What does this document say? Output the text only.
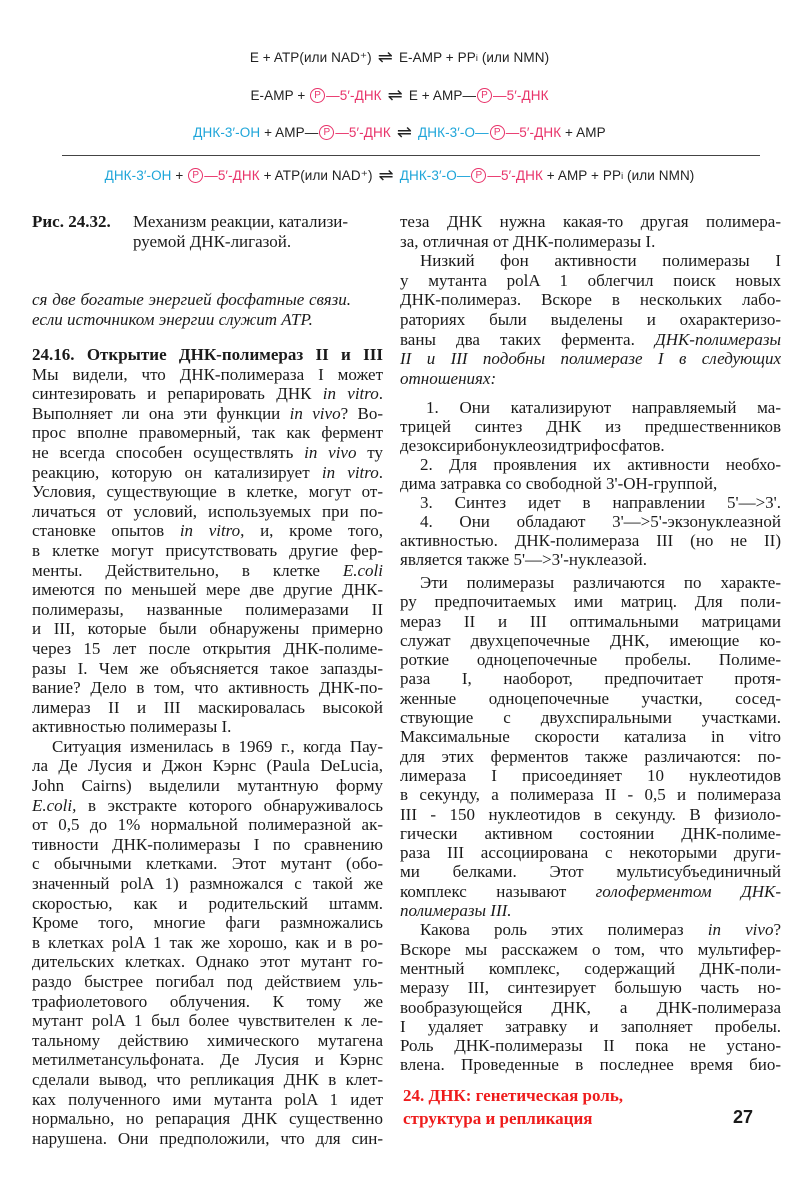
E + ATP(или NAD⁺) ⇌ E-AMP + PP i (или NMN)
E-AMP + P —5′-ДНК ⇌ E + AMP— P —5′-ДНК
ДНК-3′-OH + AMP— P —5′-ДНК ⇌ ДНК-3′-O— P —5′-ДНК + AMP
ДНК-3′-OH + P —5′-ДНК + ATP(или NAD⁺) ⇌ ДНК-3′-O— P —5′-ДНК + AMP + PP i (или NMN)
Рис. 24.32. Механизм реакции, катализи-
руемой ДНК-лигазой.
ся две богатые энергией фосфатные связи.
если источником энергии служит ATP.
24.16. Открытие ДНК-полимераз II и III
Мы видели, что ДНК-полимераза I может
синтезировать и репарировать ДНК in vitro.
Выполняет ли она эти функции in vivo? Во-
прос вполне правомерный, так как фермент
не всегда способен осуществлять in vivo ту
реакцию, которую он катализирует in vitro.
Условия, существующие в клетке, могут от-
личаться от условий, используемых при по-
становке опытов in vitro, и, кроме того,
в клетке могут присутствовать другие фер-
менты. Действительно, в клетке E.coli
имеются по меньшей мере две другие ДНК-
полимеразы, названные полимеразами II
и III, которые были обнаружены примерно
через 15 лет после открытия ДНК-полиме-
разы I. Чем же объясняется такое запазды-
вание? Дело в том, что активность ДНК-по-
лимераз II и III маскировалась высокой
активностью полимеразы I.
Ситуация изменилась в 1969 г., когда Пау-
ла Де Лусия и Джон Кэрнс (Paula DeLucia,
John Cairns) выделили мутантную форму
E.coli, в экстракте которого обнаруживалось
от 0,5 до 1% нормальной полимеразной ак-
тивности ДНК-полимеразы I по сравнению
с обычными клетками. Этот мутант (обо-
значенный polA 1) размножался с такой же
скоростью, как и родительский штамм.
Кроме того, многие фаги размножались
в клетках polA 1 так же хорошо, как и в ро-
дительских клетках. Однако этот мутант го-
раздо быстрее погибал под действием уль-
трафиолетового облучения. К тому же
мутант polA 1 был более чувствителен к ле-
тальному действию химического мутагена
метилметансульфоната. Де Лусия и Кэрнс
сделали вывод, что репликация ДНК в клет-
ках полученного ими мутанта polA 1 идет
нормально, но репарация ДНК существенно
нарушена. Они предположили, что для син-
теза ДНК нужна какая-то другая полимера-
за, отличная от ДНК-полимеразы I.
Низкий фон активности полимеразы I
у мутанта polA 1 облегчил поиск новых
ДНК-полимераз. Вскоре в нескольких лабо-
раториях были выделены и охарактеризо-
ваны два таких фермента. ДНК-полимеразы
II и III подобны полимеразе I в следующих
отношениях:
1. Они катализируют направляемый ма-
трицей синтез ДНК из предшественников
дезоксирибонуклеозидтрифосфатов.
2. Для проявления их активности необхо-
дима затравка со свободной 3'-ОН-группой,
3. Синтез идет в направлении 5'—>3'.
4. Они обладают 3'—>5'-экзонуклеазной
активностью. ДНК-полимераза III (но не II)
является также 5'—>3'-нуклеазой.
Эти полимеразы различаются по характе-
ру предпочитаемых ими матриц. Для поли-
мераз II и III оптимальными матрицами
служат двухцепочечные ДНК, имеющие ко-
роткие одноцепочечные пробелы. Полиме-
раза I, наоборот, предпочитает протя-
женные одноцепочечные участки, сосед-
ствующие с двухспиральными участками.
Максимальные скорости катализа in vitro
для этих ферментов также различаются: по-
лимераза I присоединяет 10 нуклеотидов
в секунду, а полимераза II - 0,5 и полимераза
III - 150 нуклеотидов в секунду. В физиоло-
гически активном состоянии ДНК-полиме-
раза III ассоциирована с некоторыми други-
ми белками. Этот мультисубъединичный
комплекс называют голоферментом ДНК-
полимеразы III.
Какова роль этих полимераз in vivo?
Вскоре мы расскажем о том, что мультифер-
ментный комплекс, содержащий ДНК-поли-
меразу III, синтезирует большую часть но-
вообразующейся ДНК, а ДНК-полимераза
I удаляет затравку и заполняет пробелы.
Роль ДНК-полимеразы II пока не устано-
влена. Проведенные в последнее время био-
24. ДНК: генетическая роль,
структура и репликация	27
